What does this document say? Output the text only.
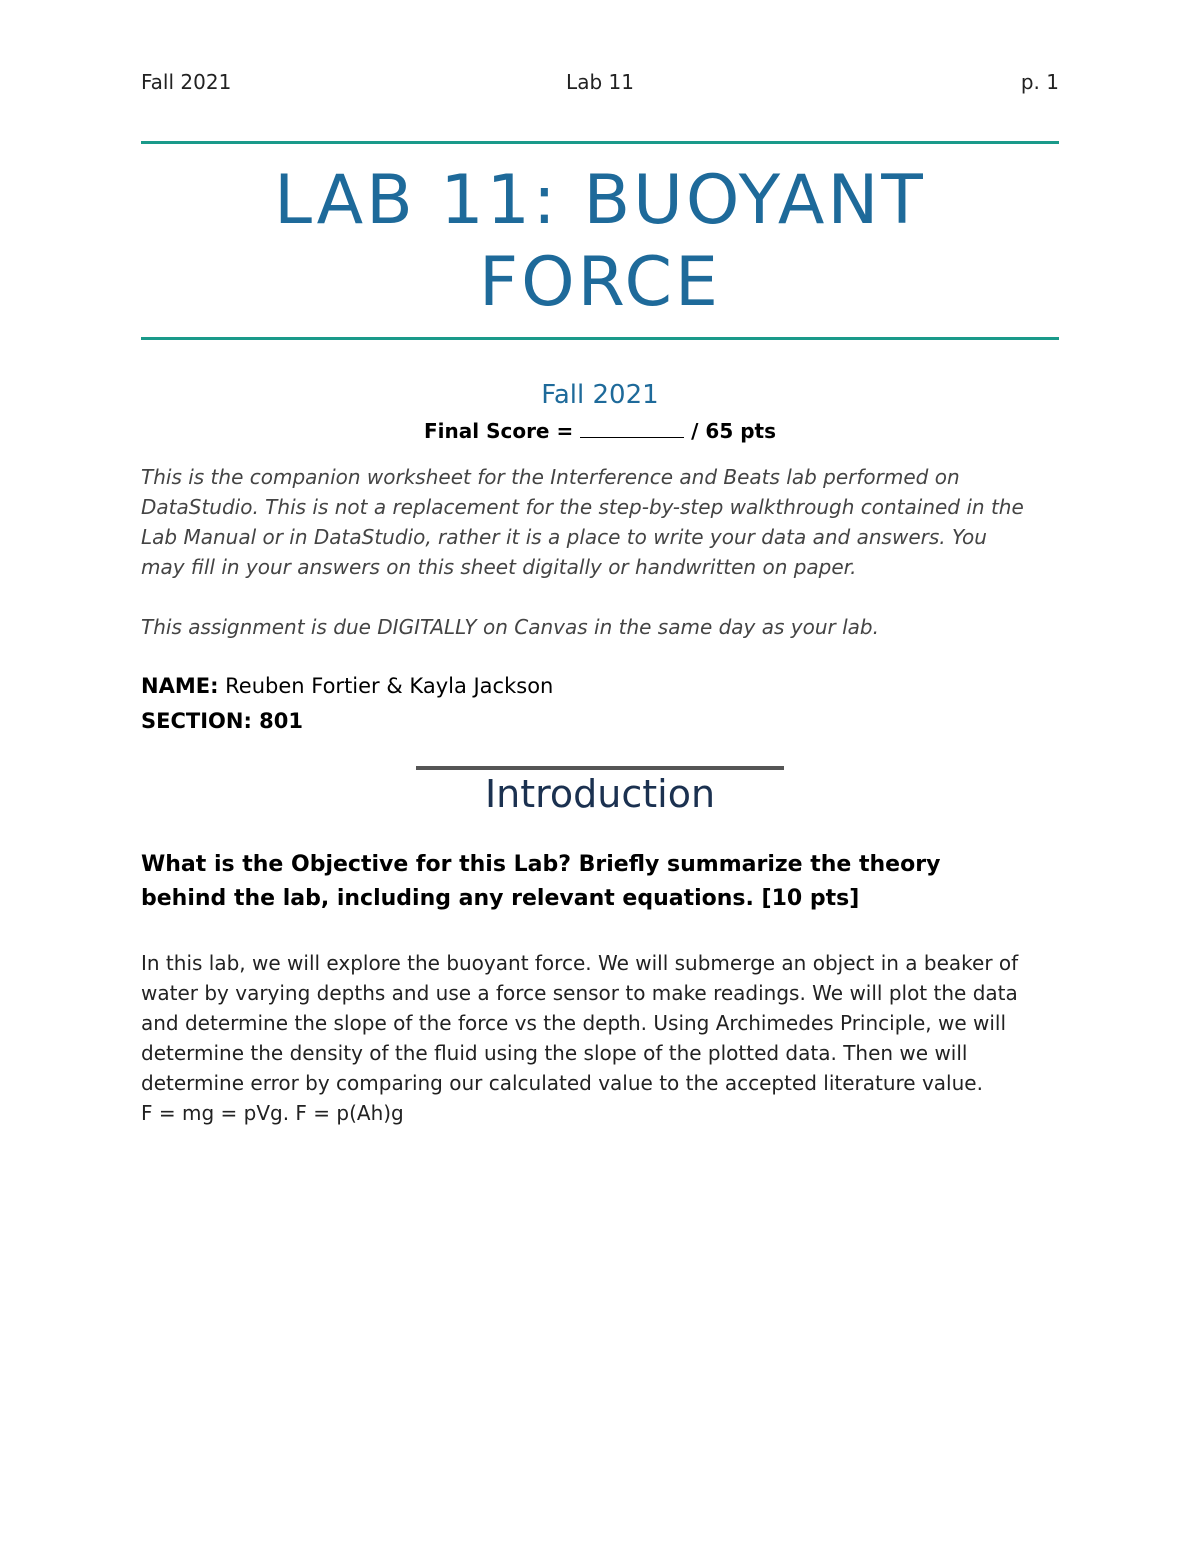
Fall 2021	Lab 11	p. 1
LAB 11: BUOYANT
FORCE
Fall 2021
Final Score =	/ 65 pts

This is the companion worksheet for the Interference and Beats lab performed on
DataStudio. This is not a replacement for the step-by-step walkthrough contained in the
Lab Manual or in DataStudio, rather it is a place to write your data and answers. You
may fill in your answers on this sheet digitally or handwritten on paper.

This assignment is due DIGITALLY on Canvas in the same day as your lab.

NAME: Reuben Fortier & Kayla Jackson
SECTION: 801
Introduction

What is the Objective for this Lab? Briefly summarize the theory
behind the lab, including any relevant equations. [10 pts]

In this lab, we will explore the buoyant force. We will submerge an object in a beaker of
water by varying depths and use a force sensor to make readings. We will plot the data
and determine the slope of the force vs the depth. Using Archimedes Principle, we will
determine the density of the fluid using the slope of the plotted data. Then we will
determine error by comparing our calculated value to the accepted literature value.
F = mg = pVg. F = p(Ah)g
